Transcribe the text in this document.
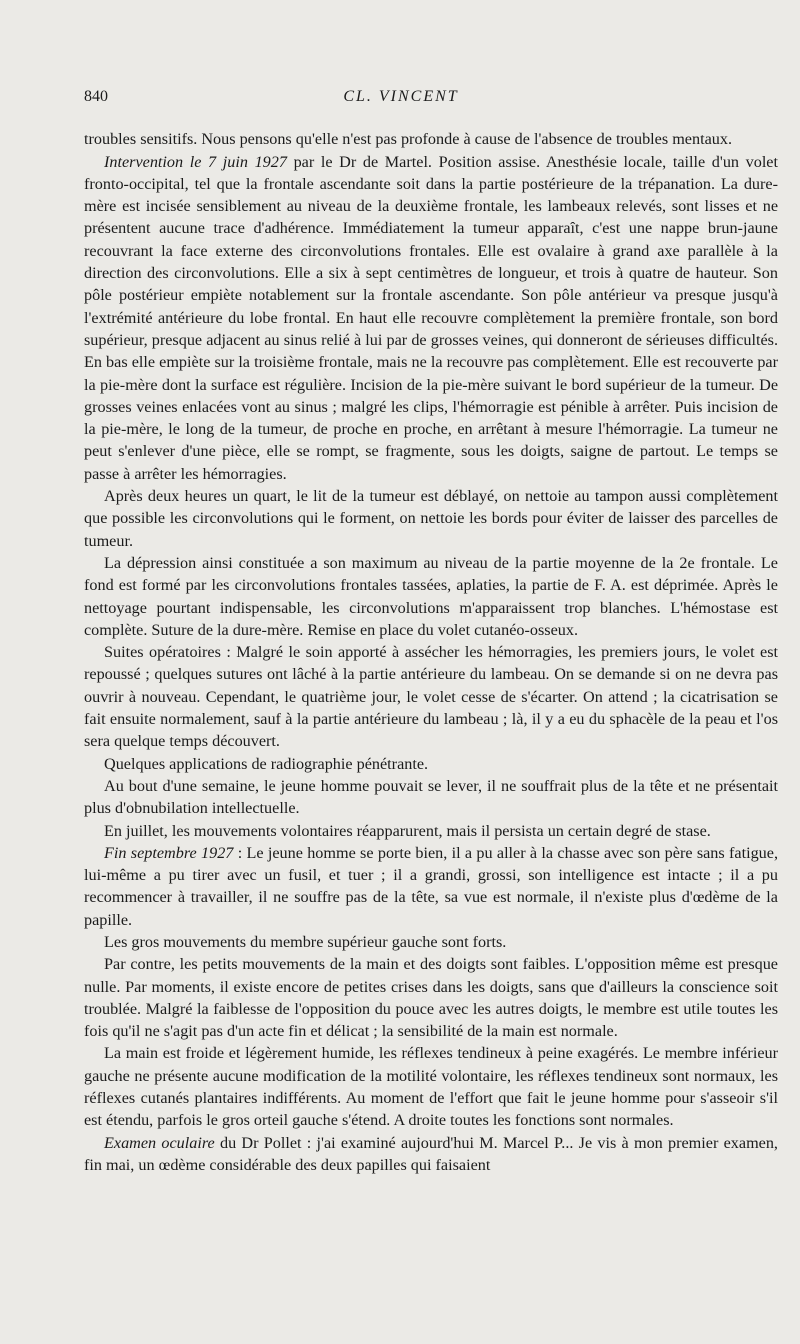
840	CL. VINCENT

troubles sensitifs. Nous pensons qu'elle n'est pas profonde à cause de l'absence de troubles mentaux.

Intervention le 7 juin 1927 par le Dr de Martel. Position assise. Anesthésie locale, taille d'un volet fronto-occipital, tel que la frontale ascendante soit dans la partie postérieure de la trépanation. La dure-mère est incisée sensiblement au niveau de la deuxième frontale, les lambeaux relevés, sont lisses et ne présentent aucune trace d'adhérence. Immédiatement la tumeur apparaît, c'est une nappe brun-jaune recouvrant la face externe des circonvolutions frontales. Elle est ovalaire à grand axe parallèle à la direction des circonvolutions. Elle a six à sept centimètres de longueur, et trois à quatre de hauteur. Son pôle postérieur empiète notablement sur la frontale ascendante. Son pôle antérieur va presque jusqu'à l'extrémité antérieure du lobe frontal. En haut elle recouvre complètement la première frontale, son bord supérieur, presque adjacent au sinus relié à lui par de grosses veines, qui donneront de sérieuses difficultés. En bas elle empiète sur la troisième frontale, mais ne la recouvre pas complètement. Elle est recouverte par la pie-mère dont la surface est régulière. Incision de la pie-mère suivant le bord supérieur de la tumeur. De grosses veines enlacées vont au sinus ; malgré les clips, l'hémorragie est pénible à arrêter. Puis incision de la pie-mère, le long de la tumeur, de proche en proche, en arrêtant à mesure l'hémorragie. La tumeur ne peut s'enlever d'une pièce, elle se rompt, se fragmente, sous les doigts, saigne de partout. Le temps se passe à arrêter les hémorragies.

Après deux heures un quart, le lit de la tumeur est déblayé, on nettoie au tampon aussi complètement que possible les circonvolutions qui le forment, on nettoie les bords pour éviter de laisser des parcelles de tumeur.

La dépression ainsi constituée a son maximum au niveau de la partie moyenne de la 2e frontale. Le fond est formé par les circonvolutions frontales tassées, aplaties, la partie de F. A. est déprimée. Après le nettoyage pourtant indispensable, les circonvolutions m'apparaissent trop blanches. L'hémostase est complète. Suture de la dure-mère. Remise en place du volet cutanéo-osseux.

Suites opératoires : Malgré le soin apporté à assécher les hémorragies, les premiers jours, le volet est repoussé ; quelques sutures ont lâché à la partie antérieure du lambeau. On se demande si on ne devra pas ouvrir à nouveau. Cependant, le quatrième jour, le volet cesse de s'écarter. On attend ; la cicatrisation se fait ensuite normalement, sauf à la partie antérieure du lambeau ; là, il y a eu du sphacèle de la peau et l'os sera quelque temps découvert.

Quelques applications de radiographie pénétrante.

Au bout d'une semaine, le jeune homme pouvait se lever, il ne souffrait plus de la tête et ne présentait plus d'obnubilation intellectuelle.

En juillet, les mouvements volontaires réapparurent, mais il persista un certain degré de stase.

Fin septembre 1927 : Le jeune homme se porte bien, il a pu aller à la chasse avec son père sans fatigue, lui-même a pu tirer avec un fusil, et tuer ; il a grandi, grossi, son intelligence est intacte ; il a pu recommencer à travailler, il ne souffre pas de la tête, sa vue est normale, il n'existe plus d'œdème de la papille.

Les gros mouvements du membre supérieur gauche sont forts.

Par contre, les petits mouvements de la main et des doigts sont faibles. L'opposition même est presque nulle. Par moments, il existe encore de petites crises dans les doigts, sans que d'ailleurs la conscience soit troublée. Malgré la faiblesse de l'opposition du pouce avec les autres doigts, le membre est utile toutes les fois qu'il ne s'agit pas d'un acte fin et délicat ; la sensibilité de la main est normale.

La main est froide et légèrement humide, les réflexes tendineux à peine exagérés. Le membre inférieur gauche ne présente aucune modification de la motilité volontaire, les réflexes tendineux sont normaux, les réflexes cutanés plantaires indifférents. Au moment de l'effort que fait le jeune homme pour s'asseoir s'il est étendu, parfois le gros orteil gauche s'étend. A droite toutes les fonctions sont normales.

Examen oculaire du Dr Pollet : j'ai examiné aujourd'hui M. Marcel P... Je vis à mon premier examen, fin mai, un œdème considérable des deux papilles qui faisaient
